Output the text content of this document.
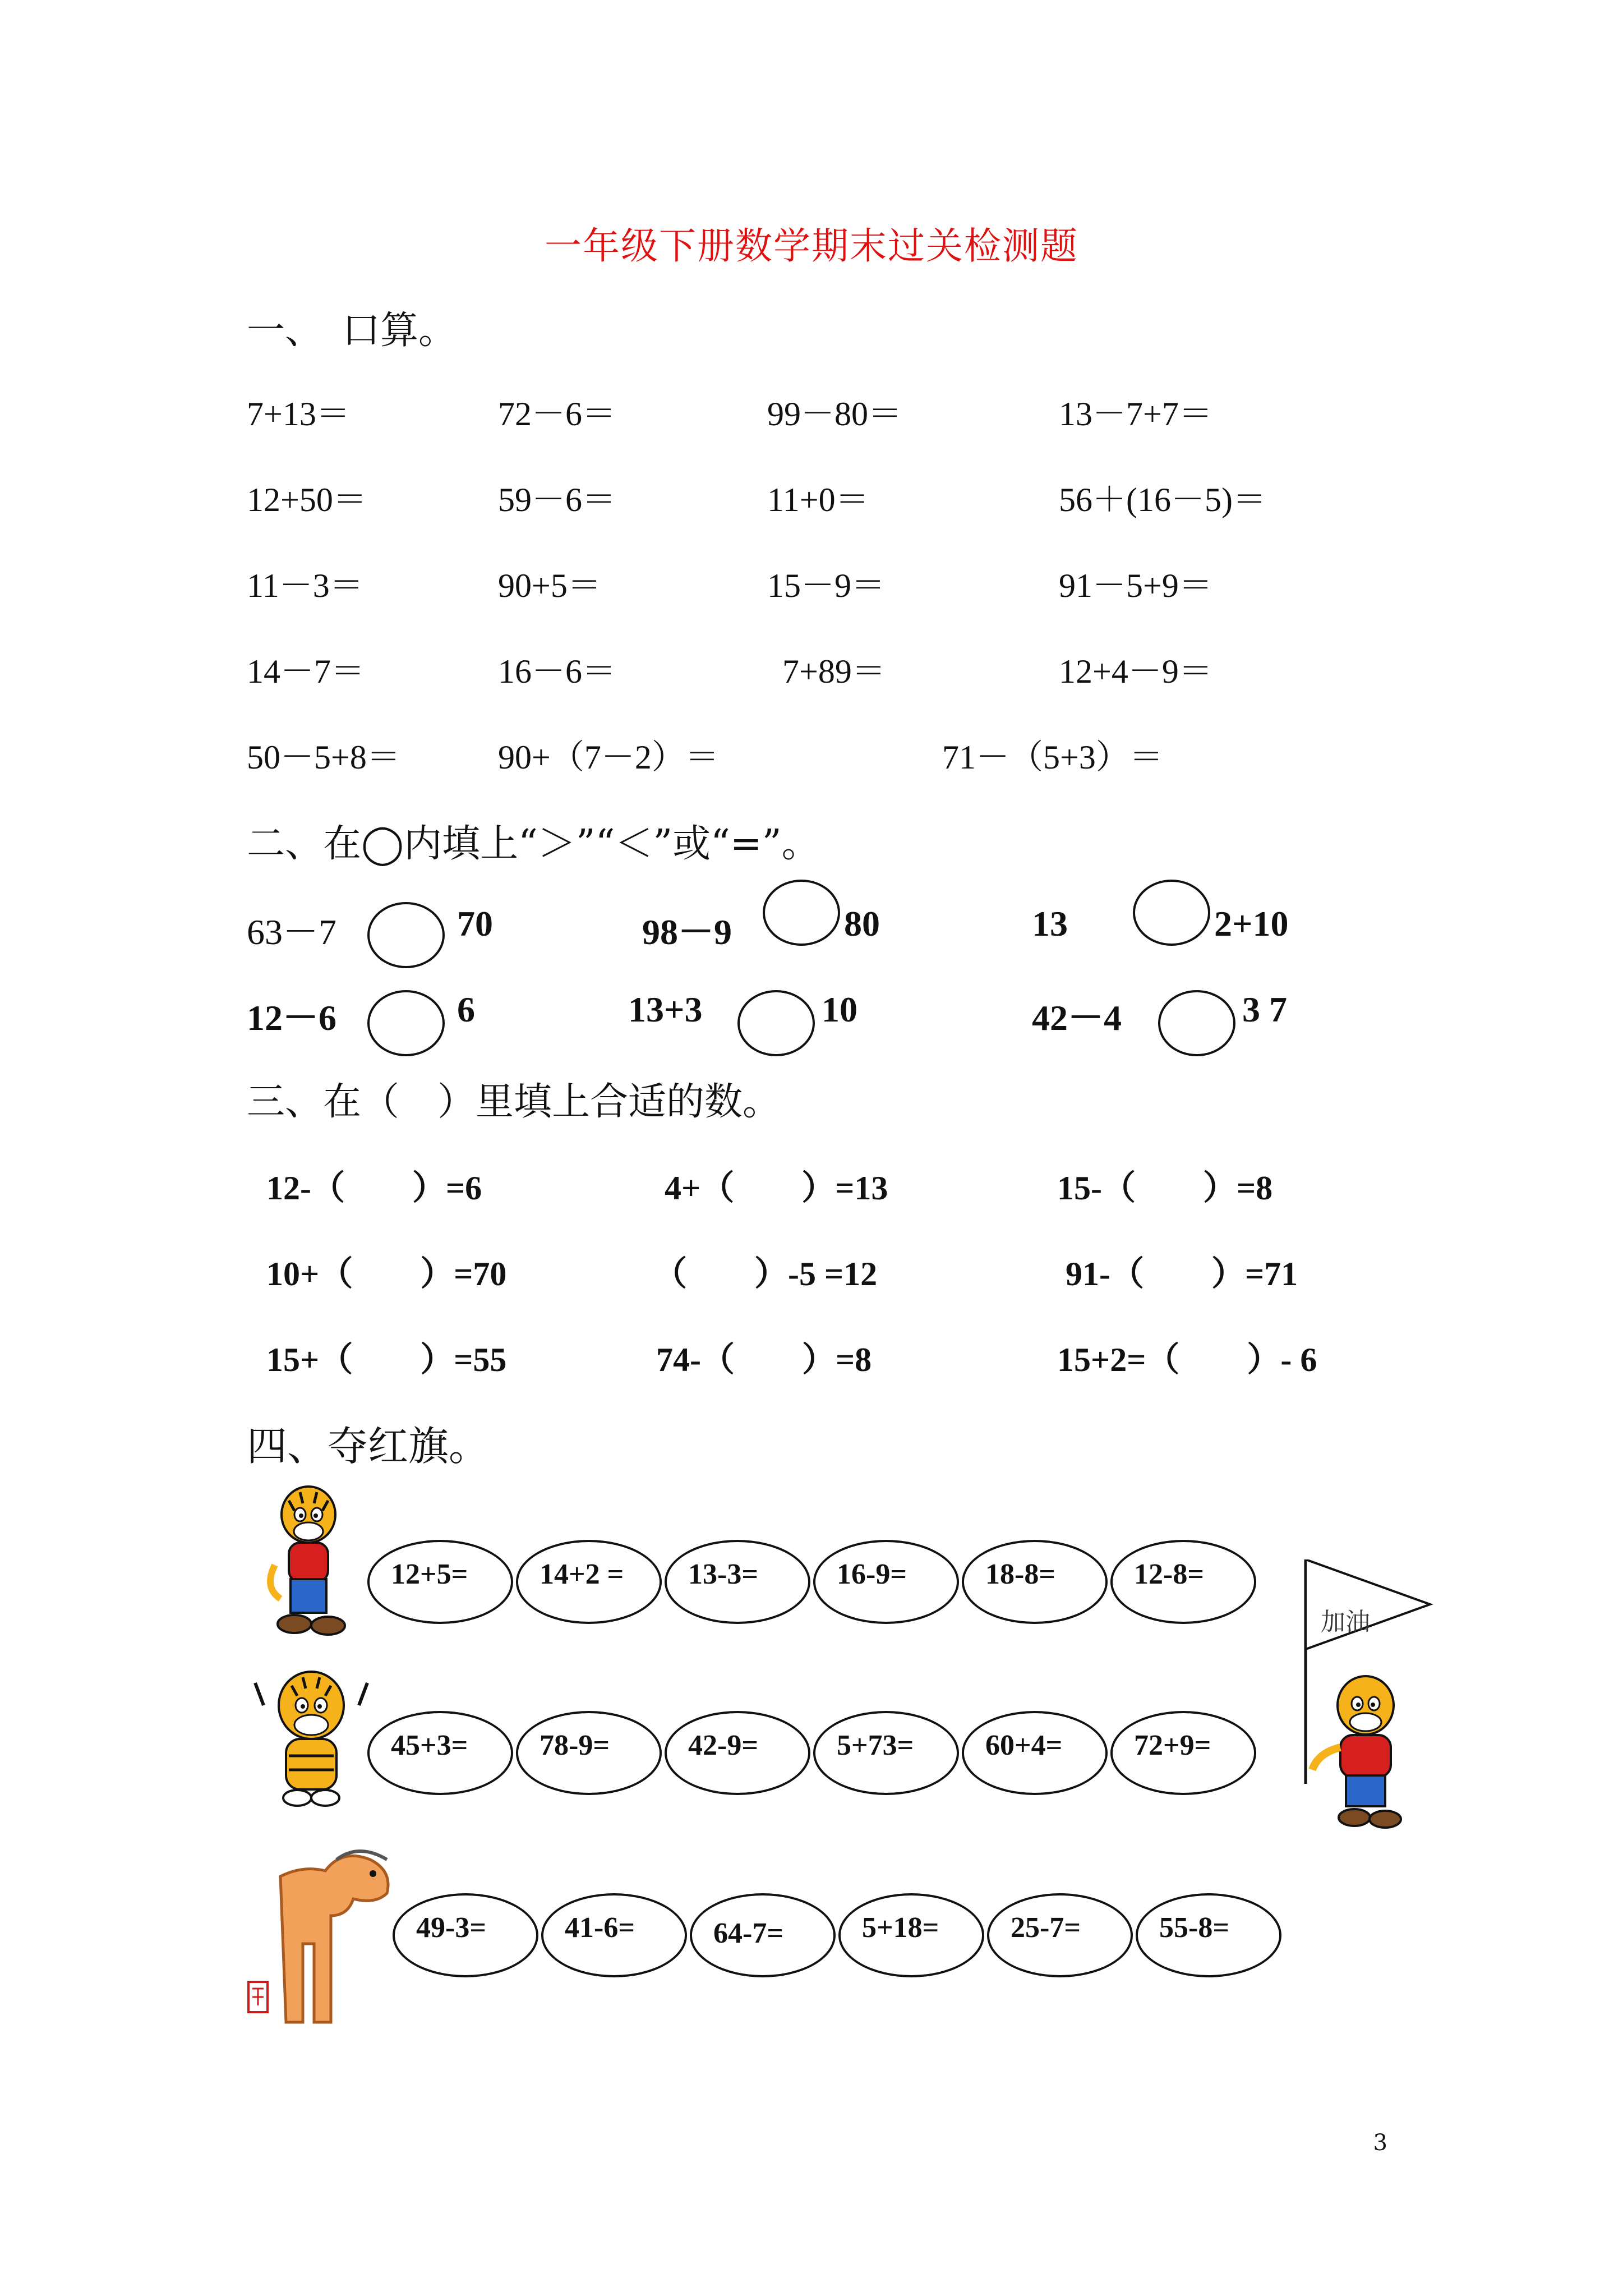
一年级下册数学期末过关检测题
一、　口算。
7+13＝	72－6＝	99－80＝	13－7+7＝
12+50＝	59－6＝	11+0＝	56＋(16－5)＝
11－3＝	90+5＝	15－9＝	91－5+9＝
14－7＝	16－6＝	7+89＝	12+4－9＝
50－5+8＝	90+（7－2）＝	71－（5+3）＝
二、在◯内填上“＞”“＜”或“=”。
63－7	70	98－9	80	13	2+10
12－6	6	13+3	10	42－4	3 7
三、在（　）里填上合适的数。
12-（　　）=6	4+（　　）=13	15-（　　）=8
10+（　　）=70	（　　）-5 =12	91-（　　）=71
15+（　　）=55	74-（　　）=8	15+2=（　　）- 6
四、夺红旗。
12+5= 14+2 = 13-3=	16-9=	18-8=	12-8=
加油
45+3= 78-9=	42-9=	5+73= 60+4= 72+9=
49-3=	41-6=	64-7=	5+18= 25-7=	55-8=
3
